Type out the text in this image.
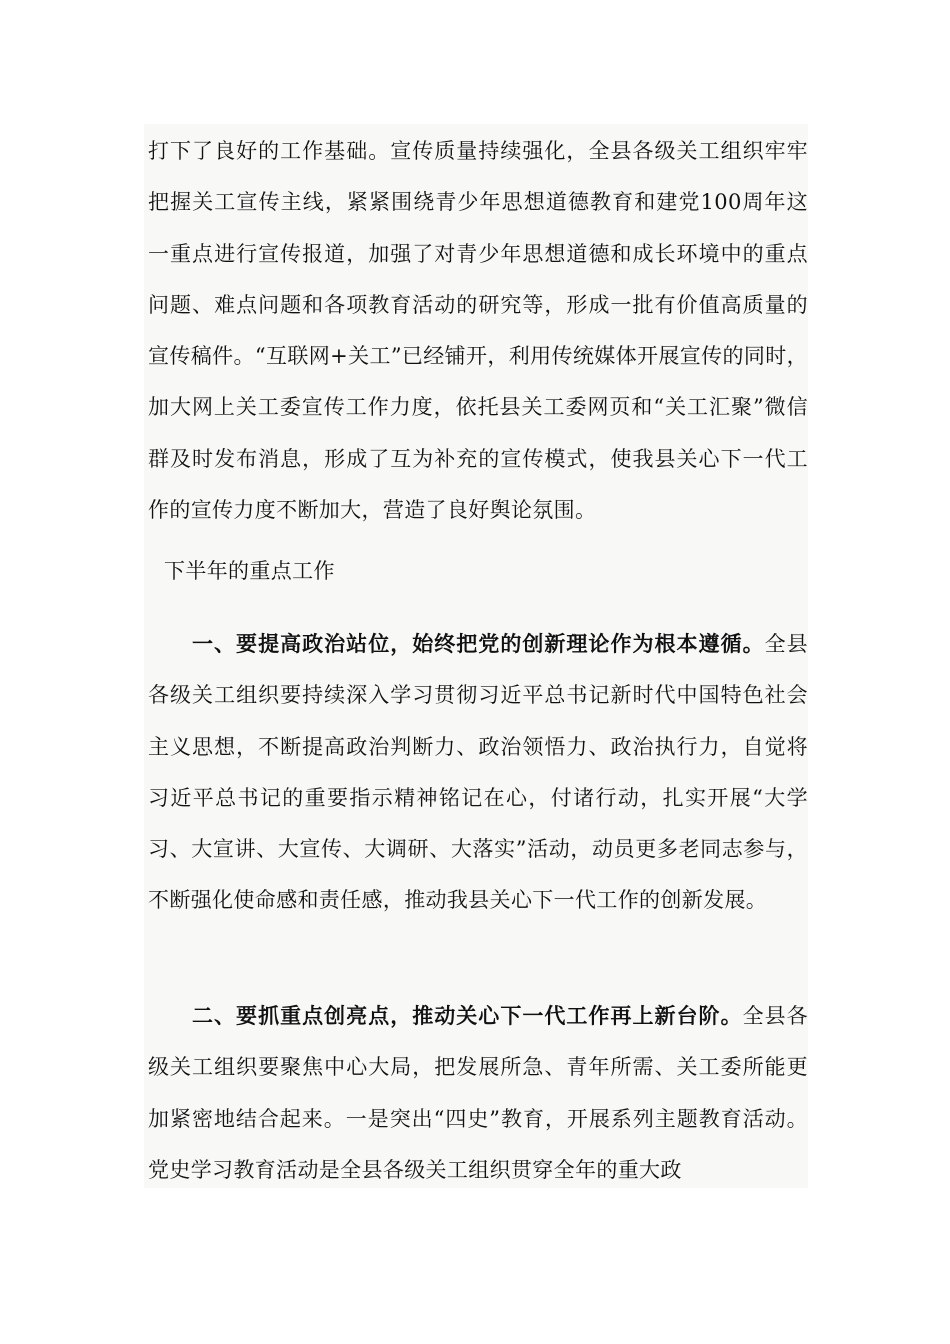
打下了良好的工作基础。宣传质量持续强化，全县各级关工组织牢牢把握关工宣传主线，紧紧围绕青少年思想道德教育和建党100周年这一重点进行宣传报道，加强了对青少年思想道德和成长环境中的重点问题、难点问题和各项教育活动的研究等，形成一批有价值高质量的宣传稿件。“互联网+关工”已经铺开，利用传统媒体开展宣传的同时，加大网上关工委宣传工作力度，依托县关工委网页和“关工汇聚”微信群及时发布消息，形成了互为补充的宣传模式，使我县关心下一代工作的宣传力度不断加大，营造了良好舆论氛围。

下半年的重点工作

一、要提高政治站位，始终把党的创新理论作为根本遵循。全县各级关工组织要持续深入学习贯彻习近平总书记新时代中国特色社会主义思想，不断提高政治判断力、政治领悟力、政治执行力，自觉将习近平总书记的重要指示精神铭记在心，付诸行动，扎实开展“大学习、大宣讲、大宣传、大调研、大落实”活动，动员更多老同志参与，不断强化使命感和责任感，推动我县关心下一代工作的创新发展。

二、要抓重点创亮点，推动关心下一代工作再上新台阶。全县各级关工组织要聚焦中心大局，把发展所急、青年所需、关工委所能更加紧密地结合起来。一是突出“四史”教育，开展系列主题教育活动。党史学习教育活动是全县各级关工组织贯穿全年的重大政
